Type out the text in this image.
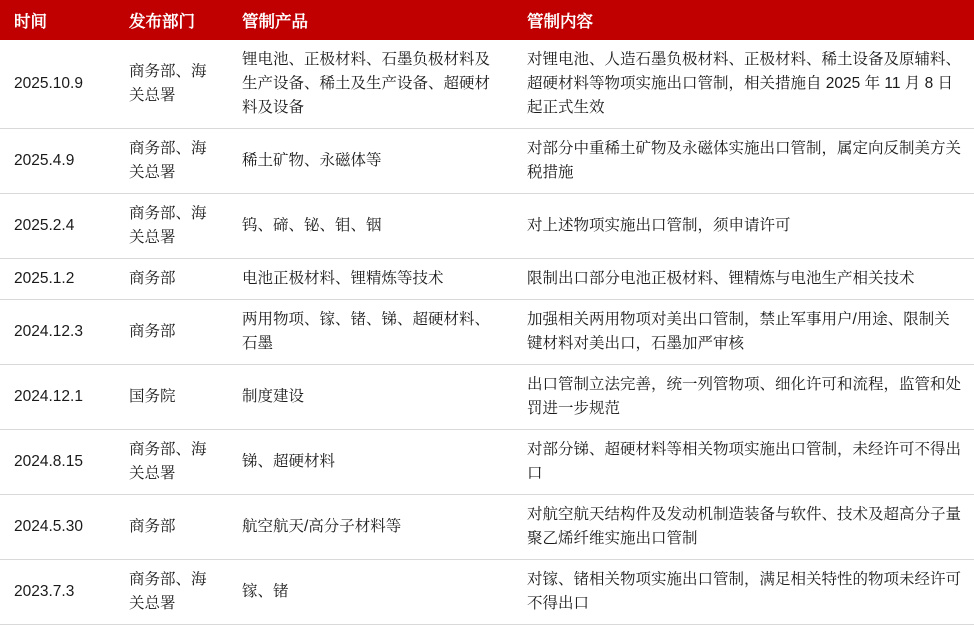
时间	发布部门	管制产品	管制内容
2025.10.9	商务部、海关总署	锂电池、正极材料、石墨负极材料及生产设备、稀土及生产设备、超硬材料及设备	对锂电池、人造石墨负极材料、正极材料、稀土设备及原辅料、超硬材料等物项实施出口管制，相关措施自 2025 年 11 月 8 日起正式生效
2025.4.9	商务部、海关总署	稀土矿物、永磁体等	对部分中重稀土矿物及永磁体实施出口管制，属定向反制美方关税措施
2025.2.4	商务部、海关总署	钨、碲、铋、钼、铟	对上述物项实施出口管制，须申请许可
2025.1.2	商务部	电池正极材料、锂精炼等技术	限制出口部分电池正极材料、锂精炼与电池生产相关技术
2024.12.3	商务部	两用物项、镓、锗、锑、超硬材料、石墨	加强相关两用物项对美出口管制，禁止军事用户/用途、限制关键材料对美出口，石墨加严审核
2024.12.1	国务院	制度建设	出口管制立法完善，统一列管物项、细化许可和流程，监管和处罚进一步规范
2024.8.15	商务部、海关总署	锑、超硬材料	对部分锑、超硬材料等相关物项实施出口管制，未经许可不得出口
2024.5.30	商务部	航空航天/高分子材料等	对航空航天结构件及发动机制造装备与软件、技术及超高分子量聚乙烯纤维实施出口管制
2023.7.3	商务部、海关总署	镓、锗	对镓、锗相关物项实施出口管制，满足相关特性的物项未经许可不得出口
